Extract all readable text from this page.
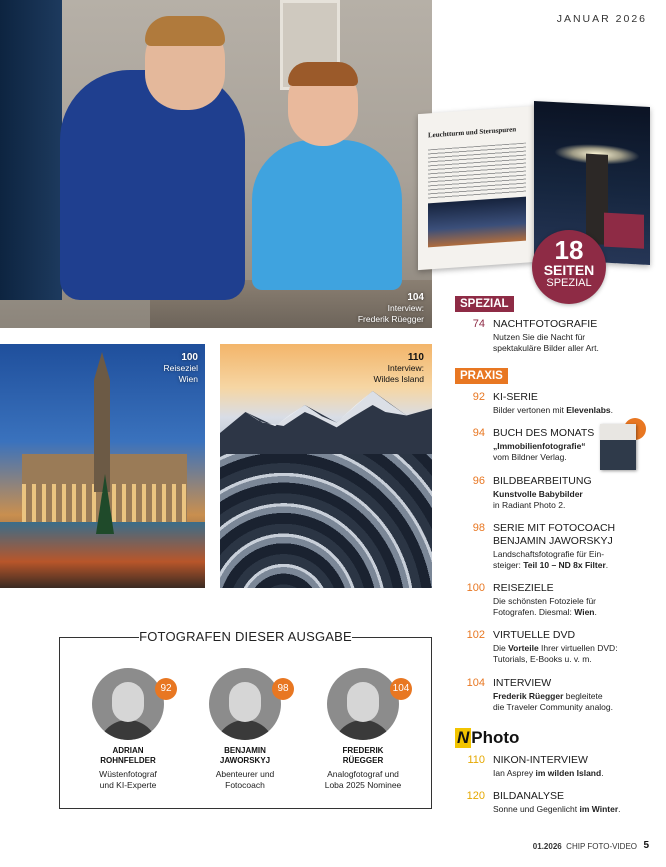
JANUAR 2026
104
Interview:
Frederik Rüegger
100
Reiseziel
Wien
110
Interview:
Wildes Island
Leuchtturm und Sternspuren
18
SEITEN
SPEZIAL
SPEZIAL
PRAXIS
74 NACHTFOTOGRAFIE
Nutzen Sie die Nacht für
spektakuläre Bilder aller Art.
92 KI-SERIE
Bilder vertonen mit Elevenlabs.
94 BUCH DES MONATS
„Immobilienfotografie“
vom Bildner Verlag.
96 BILDBEARBEITUNG
Kunstvolle Babybilder
in Radiant Photo 2.
98 SERIE MIT FOTOCOACH
BENJAMIN JAWORSKYJ
Landschaftsfotografie für Ein-
steiger: Teil 10 – ND 8x Filter.
100 REISEZIELE
Die schönsten Fotoziele für
Fotografen. Diesmal: Wien.
102 VIRTUELLE DVD
Die Vorteile Ihrer virtuellen DVD:
Tutorials, E-Books u. v. m.
104 INTERVIEW
Frederik Rüegger begleitete
die Traveler Community analog.
N Photo
110 NIKON-INTERVIEW
Ian Asprey im wilden Island.
120 BILDANALYSE
Sonne und Gegenlicht im Winter.
FOTOGRAFEN DIESER AUSGABE
92
ADRIAN
ROHNFELDER
Wüstenfotograf
und KI-Experte
98
BENJAMIN
JAWORSKYJ
Abenteurer und
Fotocoach
104
FREDERIK
RÜEGGER
Analogfotograf und
Loba 2025 Nominee
01.2026 CHIP FOTO-VIDEO 5
